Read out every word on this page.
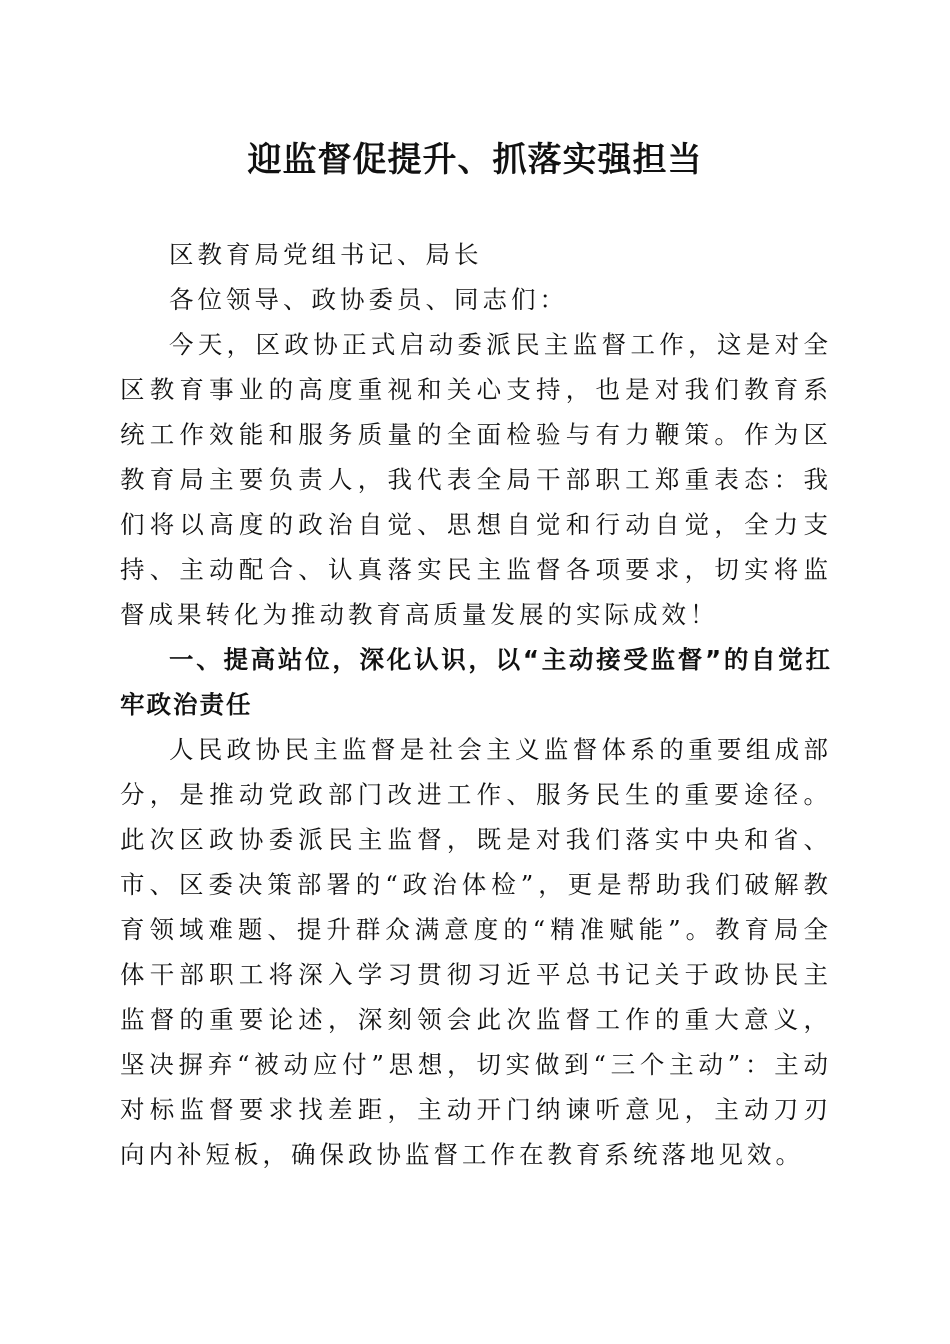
迎监督促提升、抓落实强担当

区教育局党组书记、局长

各位领导、政协委员、同志们：

今天，区政协正式启动委派民主监督工作，这是对全区教育事业的高度重视和关心支持，也是对我们教育系统工作效能和服务质量的全面检验与有力鞭策。作为区教育局主要负责人，我代表全局干部职工郑重表态：我们将以高度的政治自觉、思想自觉和行动自觉，全力支持、主动配合、认真落实民主监督各项要求，切实将监督成果转化为推动教育高质量发展的实际成效！

一、提高站位，深化认识，以“主动接受监督”的自觉扛牢政治责任

人民政协民主监督是社会主义监督体系的重要组成部分，是推动党政部门改进工作、服务民生的重要途径。此次区政协委派民主监督，既是对我们落实中央和省、市、区委决策部署的“政治体检”，更是帮助我们破解教育领域难题、提升群众满意度的“精准赋能”。教育局全体干部职工将深入学习贯彻习近平总书记关于政协民主监督的重要论述，深刻领会此次监督工作的重大意义，坚决摒弃“被动应付”思想，切实做到“三个主动”：主动对标监督要求找差距，主动开门纳谏听意见，主动刀刃向内补短板，确保政协监督工作在教育系统落地见效。
